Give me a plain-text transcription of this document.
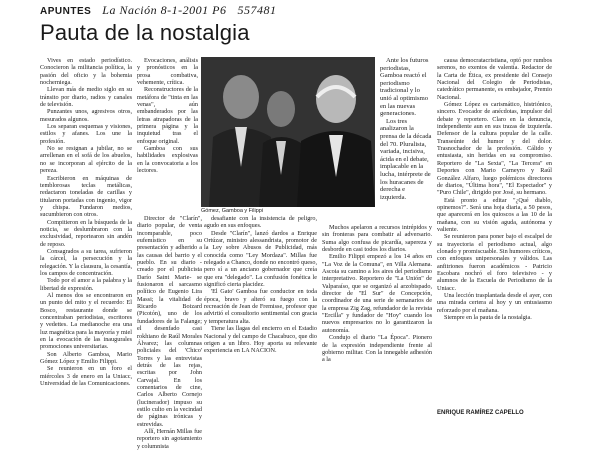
APUNTES La Nación 8-1-2001 P6 557481
Pauta de la nostalgia

Vives en estado periodístico. Conocieron la militancia política, la pasión del oficio y la bohemia nocherniega.

Llevan más de medio siglo en su tránsito por diario, radios y canales de televisión.

Punzantes unos, agresivos otros, mesurados algunos.

Los separan esquemas y visiones, estilos y afanes. Los une la profesión.

No se resignan a jubilar, no se arrellenan en el sofá de los abuelos, no se incorporan al ejército de la pereza.

Escribieron en máquinas de temblorosas teclas metálicas, redactaron toneladas de carillas y titularon portadas con ingenio, vigor y chispa. Fundaron medios, sucumbieron con otros.

Compitieron en la búsqueda de la noticia, se deslumbraron con la exclusividad, reportearon sin andén de reposo.

Consagrados a su tarea, sufrieron la cárcel, la persecución y la relegación. Y la clausura, la cesantía, los campos de concentración.

Todo por el amor a la palabra y la libertad de expresión.

Al menos dos se encontraron en un punto del mito y el recuerdo: El Bosco, restaurante donde se concentraban periodistas, escritores y vedettes. La medianoche era una luz magnética para la mayoría y miel en la evocación de las inaugurales promociones universitarias.

Son Alberto Gamboa, Mario Gómez López y Emilio Filippi.

Se reunieron en un foro el miércoles 3 de enero en la Uniacc, Universidad de las Comunicaciones.

Evocaciones, análisis y pronósticos en la prosa combativa, vehemente, crítica.

Reconstructores de la metáfora de "tinta en las venas", aún embanderados por las letras atrapadoras de la primera página y la inquietud tras el enfoque original.

Gamboa con sus habilidades explosivas en la convocatoria a los lectores.

Gómez, Gamboa y Filippi

Ante los futuros periodistas, Gamboa reactó el periodismo tradicional y lo unió al optimismo en las nuevas generaciones.

Los tres analizaron la prensa de la década del 70. Pluralista, variada, incisiva, ácida en el debate, implacable en la lucha, intérprete de los huracanes de derecha e izquierda.

Director de "Clarín", diario popular, de venta incomparable, poco eufemístico en su presentación y adherido a las causas del barrio y el pueblo. En su diario -creado por el publicista Darío Saint Marie- se fusionaron el sarcasmo político de Eugenio Lira Massi; la vitalidad de Ricardo Boizard (Picotón), uno de los fundadores de la Falange; el desenfado casi rokhiano de Raúl Morales Álvarez; las columnas policiales del 'Chico' Torres y las entrevistas detrás de las rejas, escritas por John Carvajal. En los comentarios de cine, Carlos Alberto Cornejo (lucinerador) impuso su estilo culto en la vecindad de páginas irónicas y estrevidas.

Allí, Hernán Millas fue reportero sin agotamiento y columnista

desafiante con la insistencia de peligro, agudo en sus enfoques.

Desde "Clarín", lanzó dardos a Enrique Ortúzar, ministro alessandrista, promotor de la Ley sobre Abusos de Publicidad, más conocida como "Ley Mordaza". Millas fue relegado a Chanco, donde no encontró queso, pero sí a un anciano gobernador que creía que era "delegado". La confusión fonética le significó cierta placidez.

'El Gato' Gamboa fue conductor en toda época, bravo y alteró su fuego con la recreación de Jean de Fremisse, profesor que advirtió el consultorio sentimental con gracia y temperatura alta.

Tiene las llagas del encierro en el Estadio Nacional y del campo de Chacabuco, que dio origen a un libro. Hoy aporta su relevante experiencia en LA NACION.

Muchos apelaron a recursos intrépidos y sin fronteras para combatir al adversario. Suma algo confusa de picardía, sapereza y desborde en casi todos los diarios.

Emilio Filippi empezó a los 14 años en "La Voz de la Comuna", en Villa Alemana. Ascoia su camino a los aires del periodismo interpretativo. Reportero de "La Unión" de Valparaíso, que se organizó al arzobispado, director de "El Sur" de Concepción, coordinador de una serie de semanarios de la empresa Zig Zag, refundador de la revista "Ercilla" y fundador de "Hoy" cuando los nuevos empresarios no lo garantizaron la autonomía.

Condujo el diario "La Época". Pionero de la expresión independiente frente al gobierno militar. Con la innegable adhesión a la

causa democratacristiana, optó por rumbos serenos, no exentos de valentía. Redactor de la Carta de Ética, ex presidente del Consejo Nacional del Colegio de Periodistas, catedrático permanente, es embajador, Premio Nacional.

Gómez López es carismático, histriónico, sincero. Evocador de anécdotas, impulsor del debate y reportero. Claro en la denuncia, independiente aun en sus trazas de izquierda. Defensor de la cultura popular de la calle. Transeúnte del humor y del dolor. Trasnochador de la profesión. Cálido y entusiasta, sin heridas en su compromiso. Reportero de "La Sexta", "La Tercera" en Deportes con Mario Carneyro y Raúl González Alfaro, luego polémicos directores de diarios, "Última hora", "El Espectador" y "Puro Chile", dirigido por José, su hermano.

Está pronto a editar "¿Qué diablo, opinemos?". Será una hoja diaria, a 50 pesos, que aparecerá en los quioscos a las 10 de la mañana, con su visión aguda, autónoma y valiente.

Se reunieron para poner bajo el escalpel de su trayectoria el periodismo actual, algo clonado y promiscuable. Sin humores críticos, con enfoques unipersonales y válidos. Las anfitriones fueron académicos - Patricio Escobara nochró el foro televisivo - y alumnos de la Escuela de Periodismo de la Uniacc.

Una lección trasplantada desde el ayer, con una mirada certera al hoy y un entusiasmo reforzado por el mañana.

Siempre en la pauta de la nostalgia.

ENRIQUE RAMÍREZ CAPELLO
